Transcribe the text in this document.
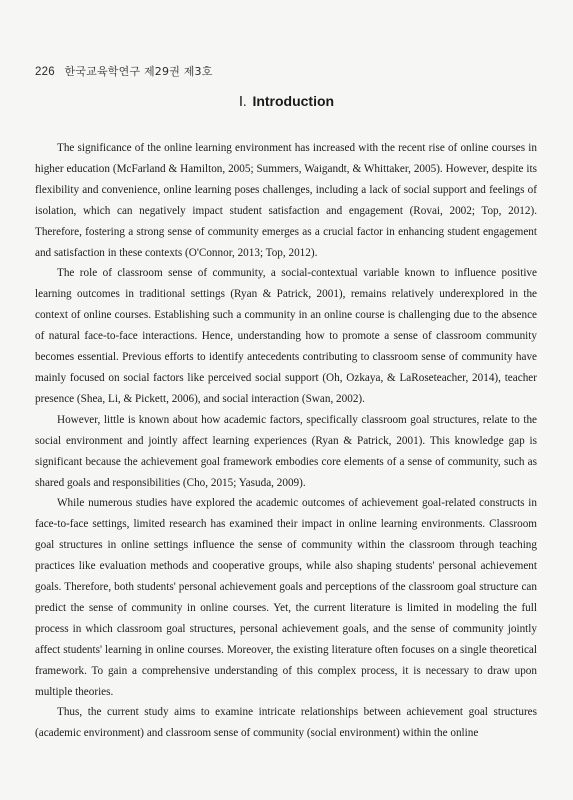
226 한국교육학연구 제29권 제3호
Ⅰ. Introduction

The significance of the online learning environment has increased with the recent rise of online courses in higher education (McFarland & Hamilton, 2005; Summers, Waigandt, & Whittaker, 2005). However, despite its flexibility and convenience, online learning poses challenges, including a lack of social support and feelings of isolation, which can negatively impact student satisfaction and engagement (Rovai, 2002; Top, 2012). Therefore, fostering a strong sense of community emerges as a crucial factor in enhancing student engagement and satisfaction in these contexts (O'Connor, 2013; Top, 2012).

The role of classroom sense of community, a social-contextual variable known to influence positive learning outcomes in traditional settings (Ryan & Patrick, 2001), remains relatively underexplored in the context of online courses. Establishing such a community in an online course is challenging due to the absence of natural face-to-face interactions. Hence, understanding how to promote a sense of classroom community becomes essential. Previous efforts to identify antecedents contributing to classroom sense of community have mainly focused on social factors like perceived social support (Oh, Ozkaya, & LaRoseteacher, 2014), teacher presence (Shea, Li, & Pickett, 2006), and social interaction (Swan, 2002).

However, little is known about how academic factors, specifically classroom goal structures, relate to the social environment and jointly affect learning experiences (Ryan & Patrick, 2001). This knowledge gap is significant because the achievement goal framework embodies core elements of a sense of community, such as shared goals and responsibilities (Cho, 2015; Yasuda, 2009).

While numerous studies have explored the academic outcomes of achievement goal-related constructs in face-to-face settings, limited research has examined their impact in online learning environments. Classroom goal structures in online settings influence the sense of community within the classroom through teaching practices like evaluation methods and cooperative groups, while also shaping students' personal achievement goals. Therefore, both students' personal achievement goals and perceptions of the classroom goal structure can predict the sense of community in online courses. Yet, the current literature is limited in modeling the full process in which classroom goal structures, personal achievement goals, and the sense of community jointly affect students' learning in online courses. Moreover, the existing literature often focuses on a single theoretical framework. To gain a comprehensive understanding of this complex process, it is necessary to draw upon multiple theories.

Thus, the current study aims to examine intricate relationships between achievement goal structures (academic environment) and classroom sense of community (social environment) within the online
